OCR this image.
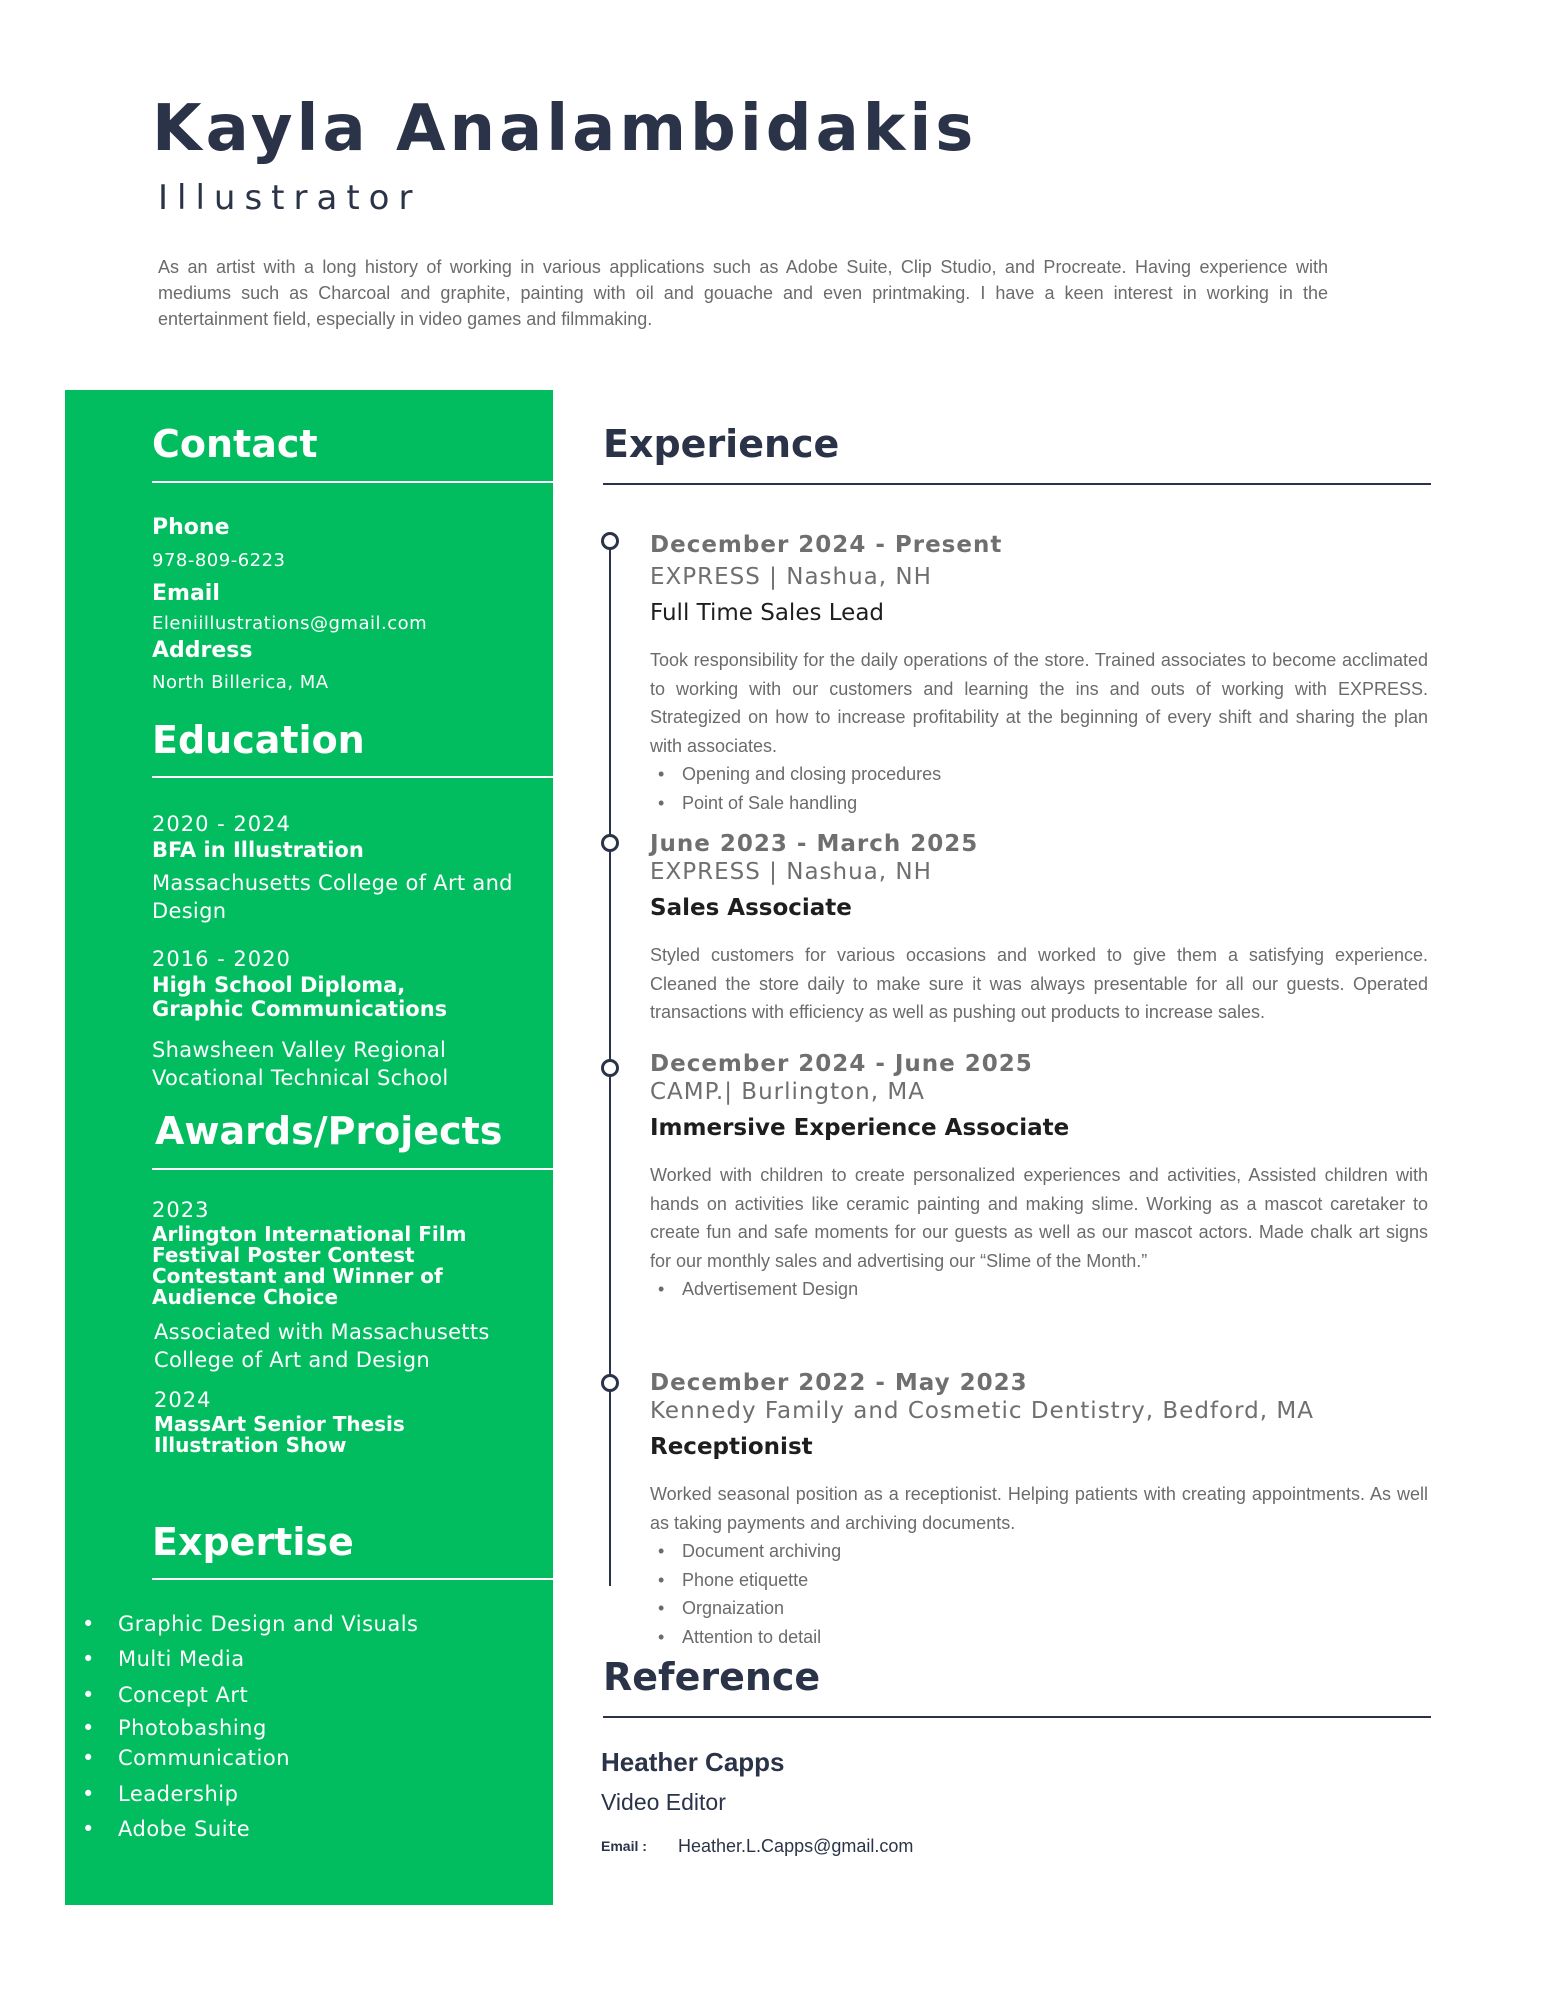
Kayla Analambidakis
Illustrator
As an artist with a long history of working in various applications such as Adobe Suite, Clip Studio, and Procreate. Having experience with mediums such as Charcoal and graphite, painting with oil and gouache and even printmaking. I have a keen interest in working in the entertainment field, especially in video games and filmmaking.
Contact
Phone
978-809-6223
Email
Eleniillustrations@gmail.com
Address
North Billerica, MA
Education
2020 - 2024
BFA in Illustration
Massachusetts College of Art and Design
2016 - 2020
High School Diploma, Graphic Communications
Shawsheen Valley Regional Vocational Technical School
Awards/Projects
2023
Arlington International Film Festival Poster Contest Contestant and Winner of Audience Choice
Associated with Massachusetts College of Art and Design
2024
MassArt Senior Thesis Illustration Show
Expertise
• Graphic Design and Visuals
• Multi Media
• Concept Art
• Photobashing
• Communication
• Leadership
• Adobe Suite
Experience
December 2024 - Present
EXPRESS | Nashua, NH
Full Time Sales Lead
Took responsibility for the daily operations of the store. Trained associates to become acclimated to working with our customers and learning the ins and outs of working with EXPRESS. Strategized on how to increase profitability at the beginning of every shift and sharing the plan with associates.
• Opening and closing procedures
• Point of Sale handling
June 2023 - March 2025
EXPRESS | Nashua, NH
Sales Associate
Styled customers for various occasions and worked to give them a satisfying experience. Cleaned the store daily to make sure it was always presentable for all our guests. Operated transactions with efficiency as well as pushing out products to increase sales.
December 2024 - June 2025
CAMP.| Burlington, MA
Immersive Experience Associate
Worked with children to create personalized experiences and activities, Assisted children with hands on activities like ceramic painting and making slime. Working as a mascot caretaker to create fun and safe moments for our guests as well as our mascot actors. Made chalk art signs for our monthly sales and advertising our “Slime of the Month.”
• Advertisement Design
December 2022 - May 2023
Kennedy Family and Cosmetic Dentistry, Bedford, MA
Receptionist
Worked seasonal position as a receptionist. Helping patients with creating appointments. As well as taking payments and archiving documents.
• Document archiving
• Phone etiquette
• Orgnaization
• Attention to detail
Reference
Heather Capps
Video Editor
Email : Heather.L.Capps@gmail.com
